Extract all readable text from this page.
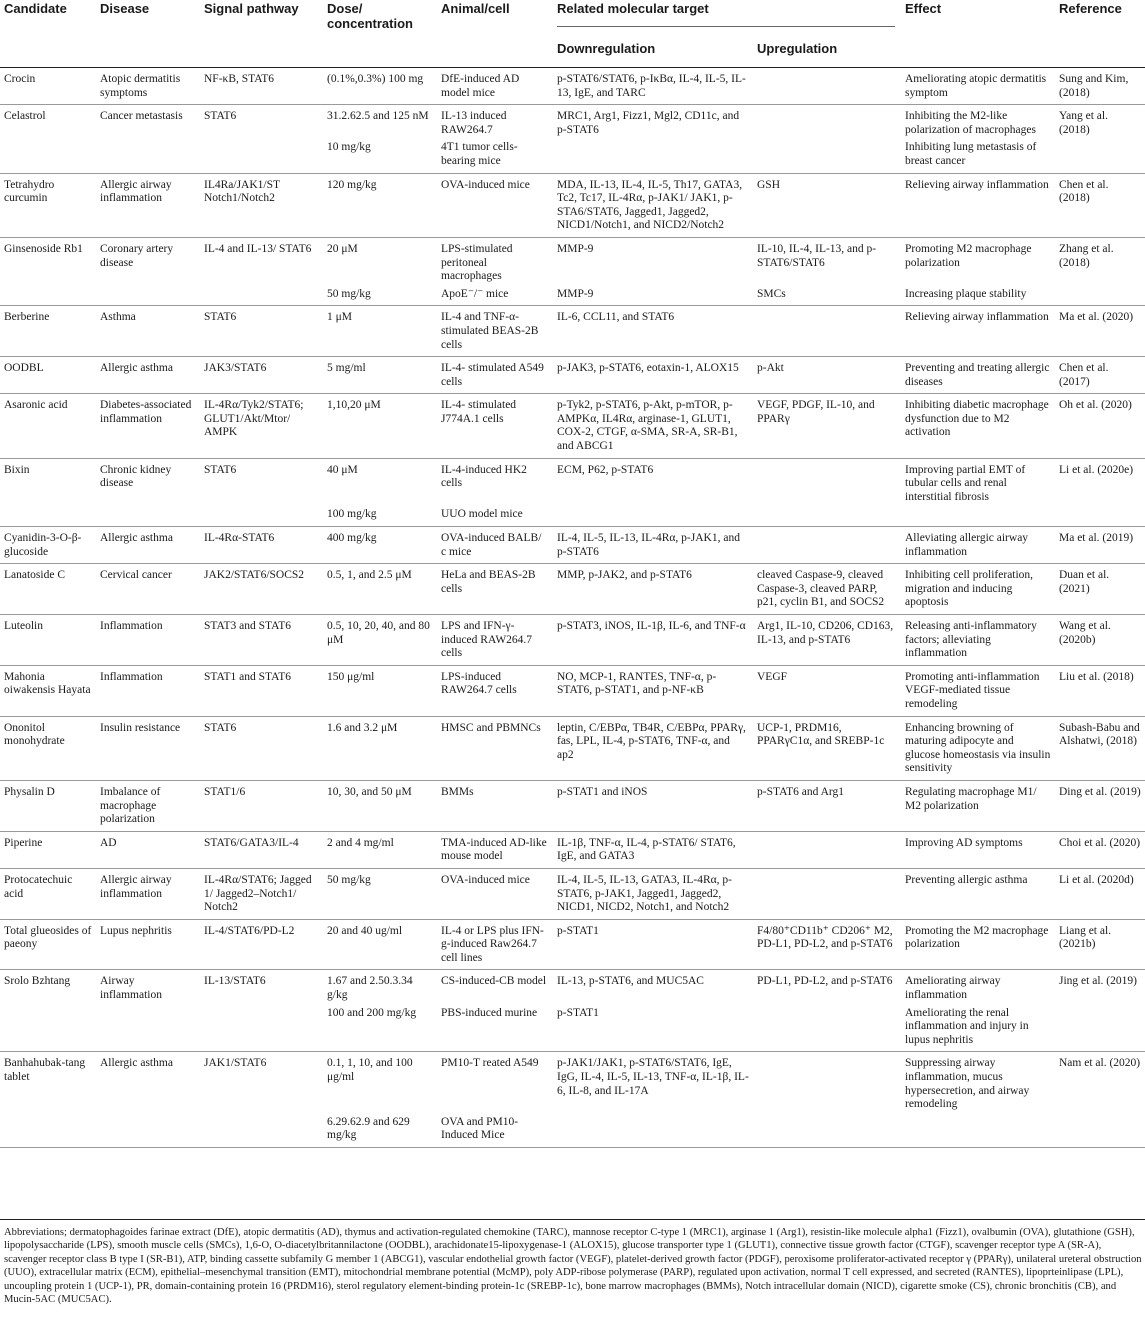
Candidate	Disease	Signal pathway	Dose/ concentration	Animal/cell	Related molecular target		Effect	Reference
					Downregulation	Upregulation		
Crocin	Atopic dermatitis symptoms	NF-κB, STAT6	(0.1%,0.3%) 100 mg	DfE-induced AD model mice	p-STAT6/STAT6, p-IκBα, IL-4, IL-5, IL-13, IgE, and TARC		Ameliorating atopic dermatitis symptom	Sung and Kim, (2018)
Celastrol	Cancer metastasis	STAT6	31.2.62.5 and 125 nM	IL-13 induced RAW264.7	MRC1, Arg1, Fizz1, Mgl2, CD11c, and p-STAT6		Inhibiting the M2-like polarization of macrophages	Yang et al. (2018)
			10 mg/kg	4T1 tumor cells-bearing mice			Inhibiting lung metastasis of breast cancer	
Tetrahydro curcumin	Allergic airway inflammation	IL4Ra/JAK1/ST Notch1/Notch2	120 mg/kg	OVA-induced mice	MDA, IL-13, IL-4, IL-5, Th17, GATA3, Tc2, Tc17, IL-4Rα, p-JAK1/ JAK1, p-STA6/STAT6, Jagged1, Jagged2, NICD1/Notch1, and NICD2/Notch2	GSH	Relieving airway inflammation	Chen et al. (2018)
Ginsenoside Rb1	Coronary artery disease	IL-4 and IL-13/ STAT6	20 μM	LPS-stimulated peritoneal macrophages	MMP-9	IL-10, IL-4, IL-13, and p-STAT6/STAT6	Promoting M2 macrophage polarization	Zhang et al. (2018)
			50 mg/kg	ApoE⁻/⁻ mice	MMP-9	SMCs	Increasing plaque stability	
Berberine	Asthma	STAT6	1 μM	IL-4 and TNF-α-stimulated BEAS-2B cells	IL-6, CCL11, and STAT6		Relieving airway inflammation	Ma et al. (2020)
OODBL	Allergic asthma	JAK3/STAT6	5 mg/ml	IL-4- stimulated A549 cells	p-JAK3, p-STAT6, eotaxin-1, ALOX15	p-Akt	Preventing and treating allergic diseases	Chen et al. (2017)
Asaronic acid	Diabetes-associated inflammation	IL-4Rα/Tyk2/STAT6; GLUT1/Akt/Mtor/ AMPK	1,10,20 μM	IL-4- stimulated J774A.1 cells	p-Tyk2, p-STAT6, p-Akt, p-mTOR, p-AMPKα, IL4Rα, arginase-1, GLUT1, COX-2, CTGF, α-SMA, SR-A, SR-B1, and ABCG1	VEGF, PDGF, IL-10, and PPARγ	Inhibiting diabetic macrophage dysfunction due to M2 activation	Oh et al. (2020)
Bixin	Chronic kidney disease	STAT6	40 μM	IL-4-induced HK2 cells	ECM, P62, p-STAT6		Improving partial EMT of tubular cells and renal interstitial fibrosis	Li et al. (2020e)
			100 mg/kg	UUO model mice				
Cyanidin-3-O-β-glucoside	Allergic asthma	IL-4Rα-STAT6	400 mg/kg	OVA-induced BALB/ c mice	IL-4, IL-5, IL-13, IL-4Rα, p-JAK1, and p-STAT6		Alleviating allergic airway inflammation	Ma et al. (2019)
Lanatoside C	Cervical cancer	JAK2/STAT6/SOCS2	0.5, 1, and 2.5 μM	HeLa and BEAS-2B cells	MMP, p-JAK2, and p-STAT6	cleaved Caspase-9, cleaved Caspase-3, cleaved PARP, p21, cyclin B1, and SOCS2	Inhibiting cell proliferation, migration and inducing apoptosis	Duan et al. (2021)
Luteolin	Inflammation	STAT3 and STAT6	0.5, 10, 20, 40, and 80 μM	LPS and IFN-γ-induced RAW264.7 cells	p-STAT3, iNOS, IL-1β, IL-6, and TNF-α	Arg1, IL-10, CD206, CD163, IL-13, and p-STAT6	Releasing anti-inflammatory factors; alleviating inflammation	Wang et al. (2020b)
Mahonia oiwakensis Hayata	Inflammation	STAT1 and STAT6	150 μg/ml	LPS-induced RAW264.7 cells	NO, MCP-1, RANTES, TNF-α, p-STAT6, p-STAT1, and p-NF-κB	VEGF	Promoting anti-inflammation VEGF-mediated tissue remodeling	Liu et al. (2018)
Ononitol monohydrate	Insulin resistance	STAT6	1.6 and 3.2 μM	HMSC and PBMNCs	leptin, C/EBPα, TB4R, C/EBPα, PPARγ, fas, LPL, IL-4, p-STAT6, TNF-α, and ap2	UCP-1, PRDM16, PPARγC1α, and SREBP-1c	Enhancing browning of maturing adipocyte and glucose homeostasis via insulin sensitivity	Subash-Babu and Alshatwi, (2018)
Physalin D	Imbalance of macrophage polarization	STAT1/6	10, 30, and 50 μM	BMMs	p-STAT1 and iNOS	p-STAT6 and Arg1	Regulating macrophage M1/ M2 polarization	Ding et al. (2019)
Piperine	AD	STAT6/GATA3/IL-4	2 and 4 mg/ml	TMA-induced AD-like mouse model	IL-1β, TNF-α, IL-4, p-STAT6/ STAT6, IgE, and GATA3		Improving AD symptoms	Choi et al. (2020)
Protocatechuic acid	Allergic airway inflammation	IL-4Rα/STAT6; Jagged 1/ Jagged2–Notch1/ Notch2	50 mg/kg	OVA-induced mice	IL-4, IL-5, IL-13, GATA3, IL-4Rα, p-STAT6, p-JAK1, Jagged1, Jagged2, NICD1, NICD2, Notch1, and Notch2		Preventing allergic asthma	Li et al. (2020d)
Total glueosides of paeony	Lupus nephritis	IL-4/STAT6/PD-L2	20 and 40 ug/ml	IL-4 or LPS plus IFN-g-induced Raw264.7 cell lines	p-STAT1	F4/80⁺CD11b⁺ CD206⁺ M2, PD-L1, PD-L2, and p-STAT6	Promoting the M2 macrophage polarization	Liang et al. (2021b)
Srolo Bzhtang	Airway inflammation	IL-13/STAT6	1.67 and 2.50.3.34 g/kg	CS-induced-CB model	IL-13, p-STAT6, and MUC5AC	PD-L1, PD-L2, and p-STAT6	Ameliorating airway inflammation	Jing et al. (2019)
			100 and 200 mg/kg	PBS-induced murine	p-STAT1		Ameliorating the renal inflammation and injury in lupus nephritis	
Banhahubak-tang tablet	Allergic asthma	JAK1/STAT6	0.1, 1, 10, and 100 μg/ml	PM10-T reated A549	p-JAK1/JAK1, p-STAT6/STAT6, IgE, IgG, IL-4, IL-5, IL-13, TNF-α, IL-1β, IL-6, IL-8, and IL-17A		Suppressing airway inflammation, mucus hypersecretion, and airway remodeling	Nam et al. (2020)
			6.29.62.9 and 629 mg/kg	OVA and PM10-Induced Mice				
Abbreviations; dermatophagoides farinae extract (DfE), atopic dermatitis (AD), thymus and activation-regulated chemokine (TARC), mannose receptor C-type 1 (MRC1), arginase 1 (Arg1), resistin-like molecule alpha1 (Fizz1), ovalbumin (OVA), glutathione (GSH), lipopolysaccharide (LPS), smooth muscle cells (SMCs), 1,6-O, O-diacetylbritannilactone (OODBL), arachidonate15-lipoxygenase-1 (ALOX15), glucose transporter type 1 (GLUT1), connective tissue growth factor (CTGF), scavenger receptor type A (SR-A), scavenger receptor class B type I (SR-B1), ATP, binding cassette subfamily G member 1 (ABCG1), vascular endothelial growth factor (VEGF), platelet-derived growth factor (PDGF), peroxisome proliferator-activated receptor γ (PPARγ), unilateral ureteral obstruction (UUO), extracellular matrix (ECM), epithelial–mesenchymal transition (EMT), mitochondrial membrane potential (McMP), poly ADP-ribose polymerase (PARP), regulated upon activation, normal T cell expressed, and secreted (RANTES), lipoprteinlipase (LPL), uncoupling protein 1 (UCP-1), PR, domain-containing protein 16 (PRDM16), sterol regulatory element-binding protein-1c (SREBP-1c), bone marrow macrophages (BMMs), Notch intracellular domain (NICD), cigarette smoke (CS), chronic bronchitis (CB), and Mucin-5AC (MUC5AC).
